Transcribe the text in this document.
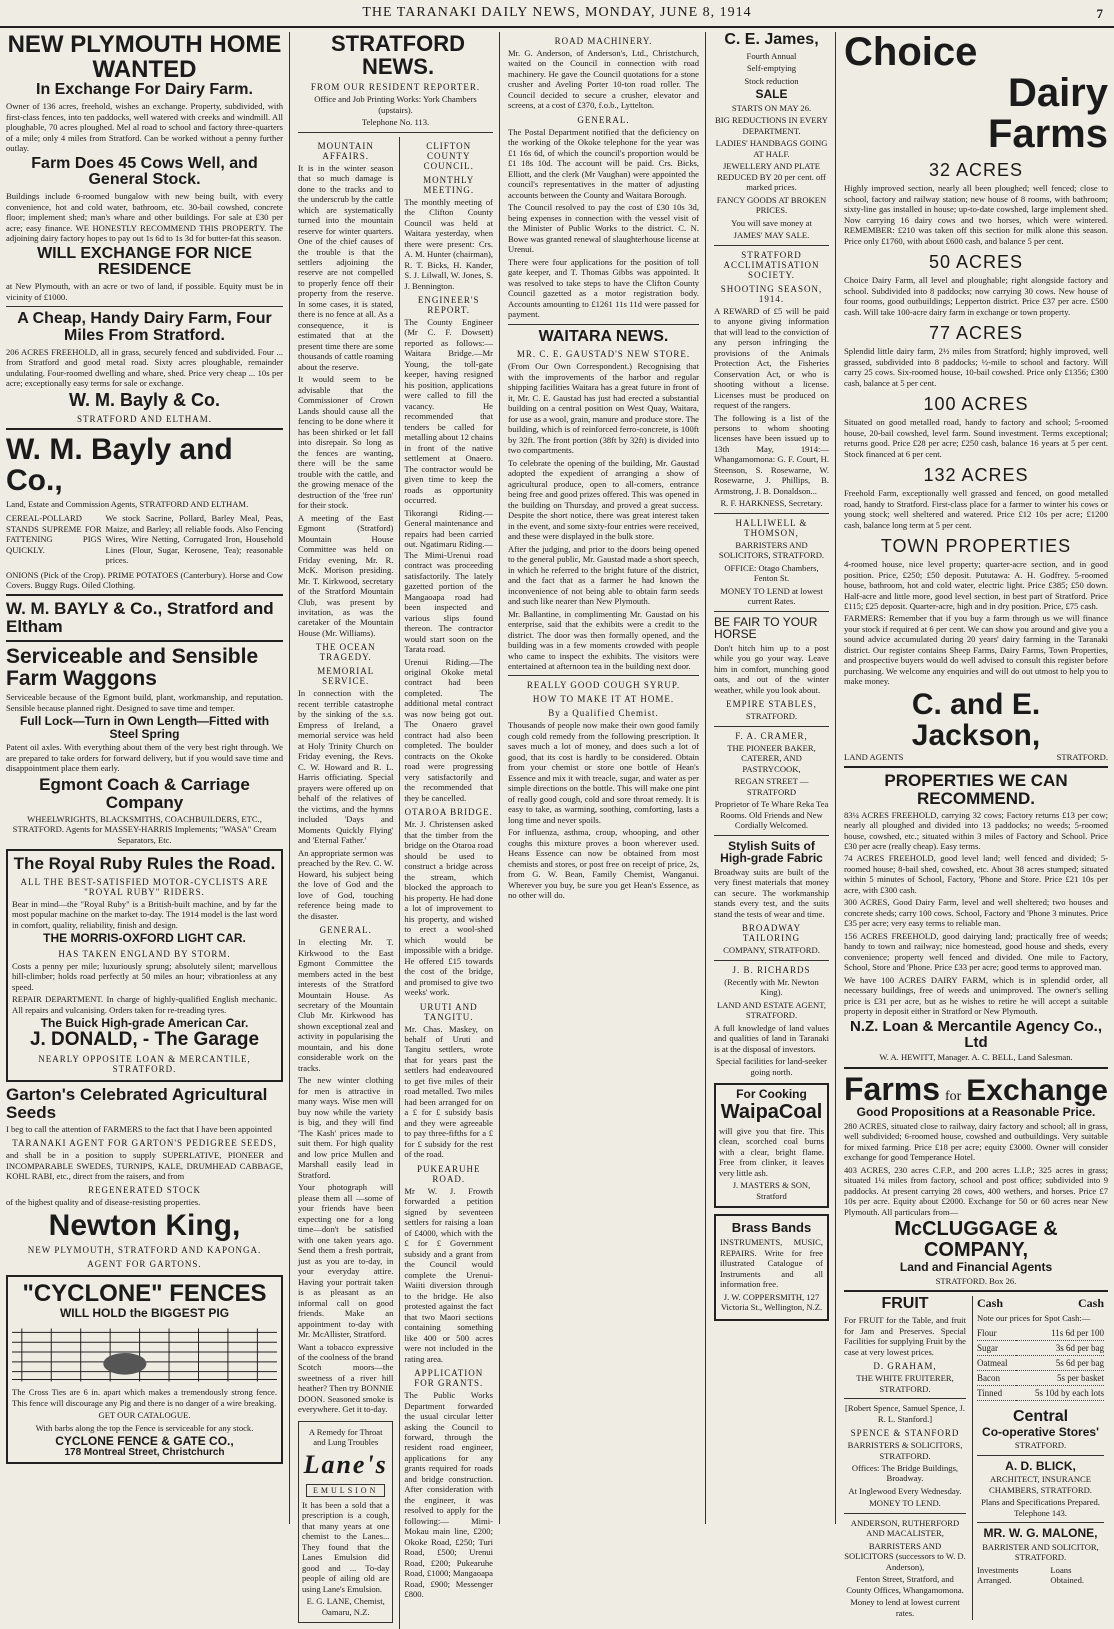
THE TARANAKI DAILY NEWS, MONDAY, JUNE 8, 1914	7
NEW PLYMOUTH HOME WANTED
In Exchange For Dairy Farm.

Owner of 136 acres, freehold, wishes an exchange. Property, subdivided, with first-class fences, into ten paddocks, well watered with creeks and windmill. All ploughable, 70 acres ploughed. Mel al road to school and factory three-quarters of a mile; only 4 miles from Stratford. Can be worked without a penny further outlay.

Farm Does 45 Cows Well, and General Stock.

Buildings include 6-roomed bungalow with new being built, with every convenience, hot and cold water, bathroom, etc. 30-bail cowshed, concrete floor; implement shed; man's whare and other buildings. For sale at £30 per acre; easy finance. WE HONESTLY RECOMMEND THIS PROPERTY. The adjoining dairy factory hopes to pay out 1s 6d to 1s 3d for butter-fat this season.

WILL EXCHANGE FOR NICE RESIDENCE

at New Plymouth, with an acre or two of land, if possible. Equity must be in vicinity of £1000.

A Cheap, Handy Dairy Farm, Four Miles From Stratford.

206 ACRES FREEHOLD, all in grass, securely fenced and subdivided. Four ... from Stratford and good metal road. Sixty acres ploughable, remainder undulating. Four-roomed dwelling and whare, shed. Price very cheap ... 10s per acre; exceptionally easy terms for sale or exchange.

W. M. Bayly & Co.
STRATFORD AND ELTHAM.
W. M. Bayly and Co.,

Land, Estate and Commission Agents, STRATFORD AND ELTHAM.

CEREAL-POLLARD STANDS SUPREME FOR FATTENING PIGS QUICKLY.

We stock Sacrine, Pollard, Barley Meal, Peas, Maize, and Barley; all reliable foods. Also Fencing Wires, Wire Netting, Corrugated Iron, Household Lines (Flour, Sugar, Kerosene, Tea); reasonable prices.

ONIONS (Pick of the Crop). PRIME POTATOES (Canterbury). Horse and Cow Covers. Buggy Rugs. Oiled Clothing.

W. M. BAYLY & Co., Stratford and Eltham
Serviceable and Sensible Farm Waggons

Serviceable because of the Egmont build, plant, workmanship, and reputation. Sensible because planned right. Designed to save time and temper.

Full Lock—Turn in Own Length—Fitted with Steel Spring

Patent oil axles. With everything about them of the very best right through. We are prepared to take orders for forward delivery, but if you would save time and disappointment place them early.

Egmont Coach & Carriage Company

WHEELWRIGHTS, BLACKSMITHS, COACHBUILDERS, ETC., STRATFORD. Agents for MASSEY-HARRIS Implements; "WASA" Cream Separators, Etc.

The Royal Ruby Rules the Road.
ALL THE BEST-SATISFIED MOTOR-CYCLISTS ARE "ROYAL RUBY" RIDERS.

Bear in mind—the "Royal Ruby" is a British-built machine, and by far the most popular machine on the market to-day. The 1914 model is the last word in comfort, quality, reliability, finish and design.

THE MORRIS-OXFORD LIGHT CAR.
HAS TAKEN ENGLAND BY STORM.

Costs a penny per mile; luxuriously sprung; absolutely silent; marvellous hill-climber; holds road perfectly at 50 miles an hour; vibrationless at any speed.

REPAIR DEPARTMENT. In charge of highly-qualified English mechanic. All repairs and vulcanising. Orders taken for re-treading tyres.

The Buick High-grade American Car.
J. DONALD, - The Garage
NEARLY OPPOSITE LOAN & MERCANTILE, STRATFORD.
Garton's Celebrated Agricultural Seeds

I beg to call the attention of FARMERS to the fact that I have been appointed

TARANAKI AGENT FOR GARTON'S PEDIGREE SEEDS,

and shall be in a position to supply SUPERLATIVE, PIONEER and INCOMPARABLE SWEDES, TURNIPS, KALE, DRUMHEAD CABBAGE, KOHL RABI, etc., direct from the raisers, and from

REGENERATED STOCK

of the highest quality and of disease-resisting properties.

Newton King,
NEW PLYMOUTH, STRATFORD AND KAPONGA.
AGENT FOR GARTONS.
"CYCLONE" FENCES
WILL HOLD the BIGGEST PIG

The Cross Ties are 6 in. apart which makes a tremendously strong fence. This fence will discourage any Pig and there is no danger of a wire breaking.

GET OUR CATALOGUE.

With barbs along the top the Fence is serviceable for any stock.

CYCLONE FENCE & GATE CO.,
178 Montreal Street, Christchurch
STRATFORD NEWS.
FROM OUR RESIDENT REPORTER.

Office and Job Printing Works: York Chambers (upstairs).

Telephone No. 113.

MOUNTAIN AFFAIRS.

It is in the winter season that so much damage is done to the tracks and to the underscrub by the cattle which are systematically turned into the mountain reserve for winter quarters. One of the chief causes of the trouble is that the settlers adjoining the reserve are not compelled to properly fence off their property from the reserve. In some cases, it is stated, there is no fence at all. As a consequence, it is estimated that at the present time there are some thousands of cattle roaming about the reserve.

It would seem to be advisable that the Commissioner of Crown Lands should cause all the fencing to be done where it has been shirked or let fall into disrepair. So long as the fences are wanting, there will be the same trouble with the cattle, and the growing menace of the destruction of the 'free run' for their stock.

A meeting of the East Egmont (Stratford) Mountain House Committee was held on Friday evening, Mr. R. McK. Morison presiding. Mr. T. Kirkwood, secretary of the Stratford Mountain Club, was present by invitation, as was the caretaker of the Mountain House (Mr. Williams).

THE OCEAN TRAGEDY.
MEMORIAL SERVICE.

In connection with the recent terrible catastrophe by the sinking of the s.s. Empress of Ireland, a memorial service was held at Holy Trinity Church on Friday evening, the Revs. C. W. Howard and R. L. Harris officiating. Special prayers were offered up on behalf of the relatives of the victims, and the hymns included 'Days and Moments Quickly Flying' and 'Eternal Father.'

An appropriate sermon was preached by the Rev. C. W. Howard, his subject being the love of God and the love of God, touching reference being made to the disaster.

GENERAL.

In electing Mr. T. Kirkwood to the East Egmont Committee the members acted in the best interests of the Stratford Mountain House. As secretary of the Mountain Club Mr. Kirkwood has shown exceptional zeal and activity in popularising the mountain, and his done considerable work on the tracks.

The new winter clothing for men is attractive in many ways. Wise men will buy now while the variety is big, and they will find 'The Kash' prices made to suit them. For high quality and low price Mullen and Marshall easily lead in Stratford.

Your photograph will please them all —some of your friends have been expecting one for a long time—don't be satisfied with one taken years ago. Send them a fresh portrait, just as you are to-day, in your everyday attire. Having your portrait taken is as pleasant as an informal call on good friends. Make an appointment to-day with Mr. McAllister, Stratford.

Want a tobacco expressive of the coolness of the brand Scotch moors—the sweetness of a river hill heather? Then try BONNIE DOON. Seasoned smoke is everywhere. Get it to-day.

A Remedy for Throat and Lung Troubles

Lane's
EMULSION

It has been a sold that a prescription is a cough, that many years at one chemist to the Lanes... They found that the Lanes Emulsion did good and ... To-day people of ailing old are using Lane's Emulsion.

E. G. LANE, Chemist, Oamaru, N.Z.

CLIFTON COUNTY COUNCIL.
MONTHLY MEETING.

The monthly meeting of the Clifton County Council was held at Waitara yesterday, when there were present: Crs. A. M. Hunter (chairman), R. T. Bicks, H. Kander, S. J. Lilwall, W. Jones, S. J. Bennington.

ENGINEER'S REPORT.

The County Engineer (Mr C. F. Dowsett) reported as follows:— Waitara Bridge.—Mr Young, the toll-gate keeper, having resigned his position, applications were called to fill the vacancy. He recommended that tenders be called for metalling about 12 chains in front of the native settlement at Onaero. The contractor would be given time to keep the roads as opportunity occurred.

Tikorangi Riding.—General maintenance and repairs had been carried out. Ngatimaru Riding.—The Mimi-Urenui road contract was proceeding satisfactorily. The lately gazetted portion of the Mangaoapa road had been inspected and various slips found thereon. The contractor would start soon on the Tarata road.

Urenui Riding.—The original Okoke metal contract had been completed. The additional metal contract was now being got out. The Onaero gravel contract had also been completed. The boulder contracts on the Okoke road were progressing very satisfactorily and the recommended that they be cancelled.

OTAROA BRIDGE.

Mr. J. Christensen asked that the timber from the bridge on the Otaroa road should be used to construct a bridge across the stream, which blocked the approach to his property. He had done a lot of improvement to his property, and wished to erect a wool-shed which would be impossible with a bridge. He offered £15 towards the cost of the bridge, and promised to give two weeks' work.

URUTI AND TANGITU.

Mr. Chas. Maskey, on behalf of Uruti and Tangitu settlers, wrote that for years past the settlers had endeavoured to get five miles of their road metalled. Two miles had been arranged for on a £ for £ subsidy basis and they were agreeable to pay three-fifths for a £ for £ subsidy for the rest of the road.

PUKEARUHE ROAD.

Mr W. J. Frowth forwarded a petition signed by seventeen settlers for raising a loan of £4000, which with the £ for £ Government subsidy and a grant from the Council would complete the Urenui-Waiiti diversion through to the bridge. He also protested against the fact that two Maori sections containing something like 400 or 500 acres were not included in the rating area.

APPLICATION FOR GRANTS.

The Public Works Department forwarded the usual circular letter asking the Council to forward, through the resident road engineer, applications for any grants required for roads and bridge construction. After consideration with the engineer, it was resolved to apply for the following:— Mimi-Mokau main line, £200; Okoke Road, £250; Turi Road, £500; Urenui Road, £200; Pukearuhe Road, £1000; Mangaoapa Road, £900; Messenger £800.

ROAD MACHINERY.

Mr. G. Anderson, of Anderson's, Ltd., Christchurch, waited on the Council in connection with road machinery. He gave the Council quotations for a stone crusher and Aveling Porter 10-ton road roller. The Council decided to secure a crusher, elevator and screens, at a cost of £370, f.o.b., Lyttelton.

GENERAL.

The Postal Department notified that the deficiency on the working of the Okoke telephone for the year was £1 16s 6d, of which the council's proportion would be £1 18s 10d. The account will be paid. Crs. Bicks, Elliott, and the clerk (Mr Vaughan) were appointed the council's representatives in the matter of adjusting accounts between the County and Waitara Borough.

The Council resolved to pay the cost of £30 10s 3d, being expenses in connection with the vessel visit of the Minister of Public Works to the district. C. N. Bowe was granted renewal of slaughterhouse license at Urenui.

There were four applications for the position of toll gate keeper, and T. Thomas Gibbs was appointed. It was resolved to take steps to have the Clifton County Council gazetted as a motor registration body. Accounts amounting to £1261 11s 11d were passed for payment.

WAITARA NEWS.
MR. C. E. GAUSTAD'S NEW STORE.

(From Our Own Correspondent.) Recognising that with the improvements of the harbor and regular shipping facilities Waitara has a great future in front of it, Mr. C. E. Gaustad has just had erected a substantial building on a central position on West Quay, Waitara, for use as a wool, grain, manure and produce store. The building, which is of reinforced ferro-concrete, is 100ft by 32ft. The front portion (38ft by 32ft) is divided into two compartments.

To celebrate the opening of the building, Mr. Gaustad adopted the expedient of arranging a show of agricultural produce, open to all-comers, entrance being free and good prizes offered. This was opened in the building on Thursday, and proved a great success. Despite the short notice, there was great interest taken in the event, and some sixty-four entries were received, and these were displayed in the bulk store.

After the judging, and prior to the doors being opened to the general public, Mr. Gaustad made a short speech, in which he referred to the bright future of the district, and the fact that as a farmer he had known the inconvenience of not being able to obtain farm seeds and such like nearer than New Plymouth.

Mr. Ballantine, in complimenting Mr. Gaustad on his enterprise, said that the exhibits were a credit to the district. The door was then formally opened, and the building was in a few moments crowded with people who came to inspect the exhibits. The visitors were entertained at afternoon tea in the building next door.

REALLY GOOD COUGH SYRUP.
HOW TO MAKE IT AT HOME.
By a Qualified Chemist.

Thousands of people now make their own good family cough cold remedy from the following prescription. It saves much a lot of money, and does such a lot of good, that its cost is hardly to be considered. Obtain from your chemist or store one bottle of Hean's Essence and mix it with treacle, sugar, and water as per simple directions on the bottle. This will make one pint of really good cough, cold and sore throat remedy. It is easy to take, as warming, soothing, comforting, lasts a long time and never spoils.

For influenza, asthma, croup, whooping, and other coughs this mixture proves a boon wherever used. Heans Essence can now be obtained from most chemists and stores, or post free on receipt of price, 2s, from G. W. Bean, Family Chemist, Wanganui. Wherever you buy, be sure you get Hean's Essence, as no other will do.

C. E. James,

Fourth Annual

Self-emptying

Stock reduction

SALE

STARTS ON MAY 26.

BIG REDUCTIONS IN EVERY DEPARTMENT.

LADIES' HANDBAGS GOING AT HALF.

JEWELLERY AND PLATE REDUCED BY 20 per cent. off marked prices.

FANCY GOODS AT BROKEN PRICES.

You will save money at

JAMES' MAY SALE.

STRATFORD ACCLIMATISATION SOCIETY.
SHOOTING SEASON, 1914.

A REWARD of £5 will be paid to anyone giving information that will lead to the conviction of any person infringing the provisions of the Animals Protection Act, the Fisheries Conservation Act, or who is shooting without a license. Licenses must be produced on request of the rangers.

The following is a list of the persons to whom shooting licenses have been issued up to 13th May, 1914:— Whangamomona: G. F. Court, H. Steenson, S. Rosewarne, W. Rosewarne, J. Phillips, B. Armstrong, J. B. Donaldson...

R. F. HARKNESS, Secretary.

HALLIWELL & THOMSON,

BARRISTERS AND SOLICITORS, STRATFORD.

OFFICE: Otago Chambers, Fenton St.

MONEY TO LEND at lowest current Rates.

BE FAIR TO YOUR HORSE

Don't hitch him up to a post while you go your way. Leave him in comfort, munching good oats, and out of the winter weather, while you look about.

EMPIRE STABLES,

STRATFORD.

F. A. CRAMER,

THE PIONEER BAKER, CATERER, AND PASTRYCOOK,

REGAN STREET — STRATFORD

Proprietor of Te Whare Reka Tea Rooms. Old Friends and New Cordially Welcomed.

Stylish Suits of High-grade Fabric

Broadway suits are built of the very finest materials that money can secure. The workmanship stands every test, and the suits stand the tests of wear and time.

BROADWAY TAILORING

COMPANY, STRATFORD.

J. B. RICHARDS

(Recently with Mr. Newton King).

LAND AND ESTATE AGENT, STRATFORD.

A full knowledge of land values and qualities of land in Taranaki is at the disposal of investors.

Special facilities for land-seeker going north.

For Cooking
WaipaCoal

will give you that fire. This clean, scorched coal burns with a clear, bright flame. Free from clinker, it leaves very little ash.

J. MASTERS & SON, Stratford

Brass Bands

INSTRUMENTS, MUSIC, REPAIRS. Write for free illustrated Catalogue of Instruments and all information free.

J. W. COPPERSMITH, 127 Victoria St., Wellington, N.Z.

Choice
Dairy
Farms
32 ACRES

Highly improved section, nearly all been ploughed; well fenced; close to school, factory and railway station; new house of 8 rooms, with bathroom; sixty-line gas installed in house; up-to-date cowshed, large implement shed. Now carrying 16 dairy cows and two horses, which were wintered. REMEMBER: £210 was taken off this section for milk alone this season. Price only £1760, with about £600 cash, and balance 5 per cent.

50 ACRES

Choice Dairy Farm, all level and ploughable; right alongside factory and school. Subdivided into 8 paddocks; now carrying 30 cows. New house of four rooms, good outbuildings; Lepperton district. Price £37 per acre. £500 cash. Will take 100-acre dairy farm in exchange or town property.

77 ACRES

Splendid little dairy farm, 2½ miles from Stratford; highly improved, well grassed, subdivided into 8 paddocks; ½-mile to school and factory. Will carry 25 cows. Six-roomed house, 10-bail cowshed. Price only £1356; £300 cash, balance at 5 per cent.

100 ACRES

Situated on good metalled road, handy to factory and school; 5-roomed house, 20-bail cowshed, level farm. Sound investment. Terms exceptional; returns good. Price £28 per acre; £250 cash, balance 16 years at 5 per cent. Stock financed at 6 per cent.

132 ACRES

Freehold Farm, exceptionally well grassed and fenced, on good metalled road, handy to Stratford. First-class place for a farmer to winter his cows or young stock; well sheltered and watered. Price £12 10s per acre; £1200 cash, balance long term at 5 per cent.

TOWN PROPERTIES

4-roomed house, nice level property; quarter-acre section, and in good position. Price, £250; £50 deposit. Pututawa: A. H. Godfrey. 5-roomed house, bathroom, hot and cold water, electric light. Price £385; £50 down. Half-acre and little more, good level section, in best part of Stratford. Price £115; £25 deposit. Quarter-acre, high and in dry position. Price, £75 cash.

FARMERS: Remember that if you buy a farm through us we will finance your stock if required at 6 per cent. We can show you around and give you a sound advice accumulated during 20 years' dairy farming in the Taranaki district. Our register contains Sheep Farms, Dairy Farms, Town Properties, and prospective buyers would do well advised to consult this register before purchasing. We welcome any enquiries and will do out utmost to help you to make money.

C. and E. Jackson,
LAND AGENTS	STRATFORD.
PROPERTIES WE CAN RECOMMEND.

83¼ ACRES FREEHOLD, carrying 32 cows; Factory returns £13 per cow; nearly all ploughed and divided into 13 paddocks; no weeds; 5-roomed house, cowshed, etc.; situated within 3 miles of Factory and School. Price £30 per acre (really cheap). Easy terms.

74 ACRES FREEHOLD, good level land; well fenced and divided; 5-roomed house; 8-bail shed, cowshed, etc. About 38 acres stumped; situated within 5 minutes of School, Factory, 'Phone and Store. Price £21 10s per acre, with £300 cash.

300 ACRES, Good Dairy Farm, level and well sheltered; two houses and concrete sheds; carry 100 cows. School, Factory and 'Phone 3 minutes. Price £35 per acre; very easy terms to reliable man.

156 ACRES FREEHOLD, good dairying land; practically free of weeds; handy to town and railway; nice homestead, good house and sheds, every convenience; property well fenced and divided. One mile to Factory, School, Store and 'Phone. Price £33 per acre; good terms to approved man.

We have 100 ACRES DAIRY FARM, which is in splendid order, all necessary buildings, free of weeds and unimproved. The owner's selling price is £31 per acre, but as he wishes to retire he will accept a suitable property in deposit either in Stratford or New Plymouth.

N.Z. Loan & Mercantile Agency Co., Ltd

W. A. HEWITT, Manager. A. C. BELL, Land Salesman.

Farms for Exchange
Good Propositions at a Reasonable Price.

280 ACRES, situated close to railway, dairy factory and school; all in grass, well subdivided; 6-roomed house, cowshed and outbuildings. Very suitable for mixed farming. Price £18 per acre; equity £3000. Owner will consider exchange for good Temperance Hotel.

403 ACRES, 230 acres C.F.P., and 200 acres L.I.P.; 325 acres in grass; situated 1¼ miles from factory, school and post office; subdivided into 9 paddocks. At present carrying 28 cows, 400 wethers, and horses. Price £7 10s per acre. Equity about £2000. Exchange for 50 or 60 acres near New Plymouth. All particulars from—

McCLUGGAGE & COMPANY,
Land and Financial Agents

STRATFORD. Box 26.

FRUIT

For FRUIT for the Table, and fruit for Jam and Preserves. Special Facilities for supplying Fruit by the case at very lowest prices.

D. GRAHAM,

THE WHITE FRUITERER, STRATFORD.

[Robert Spence, Samuel Spence, J. R. L. Stanford.]

SPENCE & STANFORD

BARRISTERS & SOLICITORS, STRATFORD.

Offices: The Bridge Buildings, Broadway.

At Inglewood Every Wednesday.

MONEY TO LEND.

ANDERSON, RUTHERFORD AND MACALISTER,

BARRISTERS AND SOLICITORS (successors to W. D. Anderson),

Fenton Street, Stratford, and County Offices, Whangamomona.

Money to lend at lowest current rates.

Cash	Cash

Note our prices for Spot Cash:—

Flour	11s 6d per 100
Sugar	3s 6d per bag
Oatmeal	5s 6d per bag
Bacon	5s per basket
Tinned	5s 10d by each lots
Central
Co-operative Stores'

STRATFORD.

A. D. BLICK,

ARCHITECT, INSURANCE CHAMBERS, STRATFORD.

Plans and Specifications Prepared. Telephone 143.

MR. W. G. MALONE,

BARRISTER AND SOLICITOR, STRATFORD.

Investments Arranged.
Loans Obtained.
